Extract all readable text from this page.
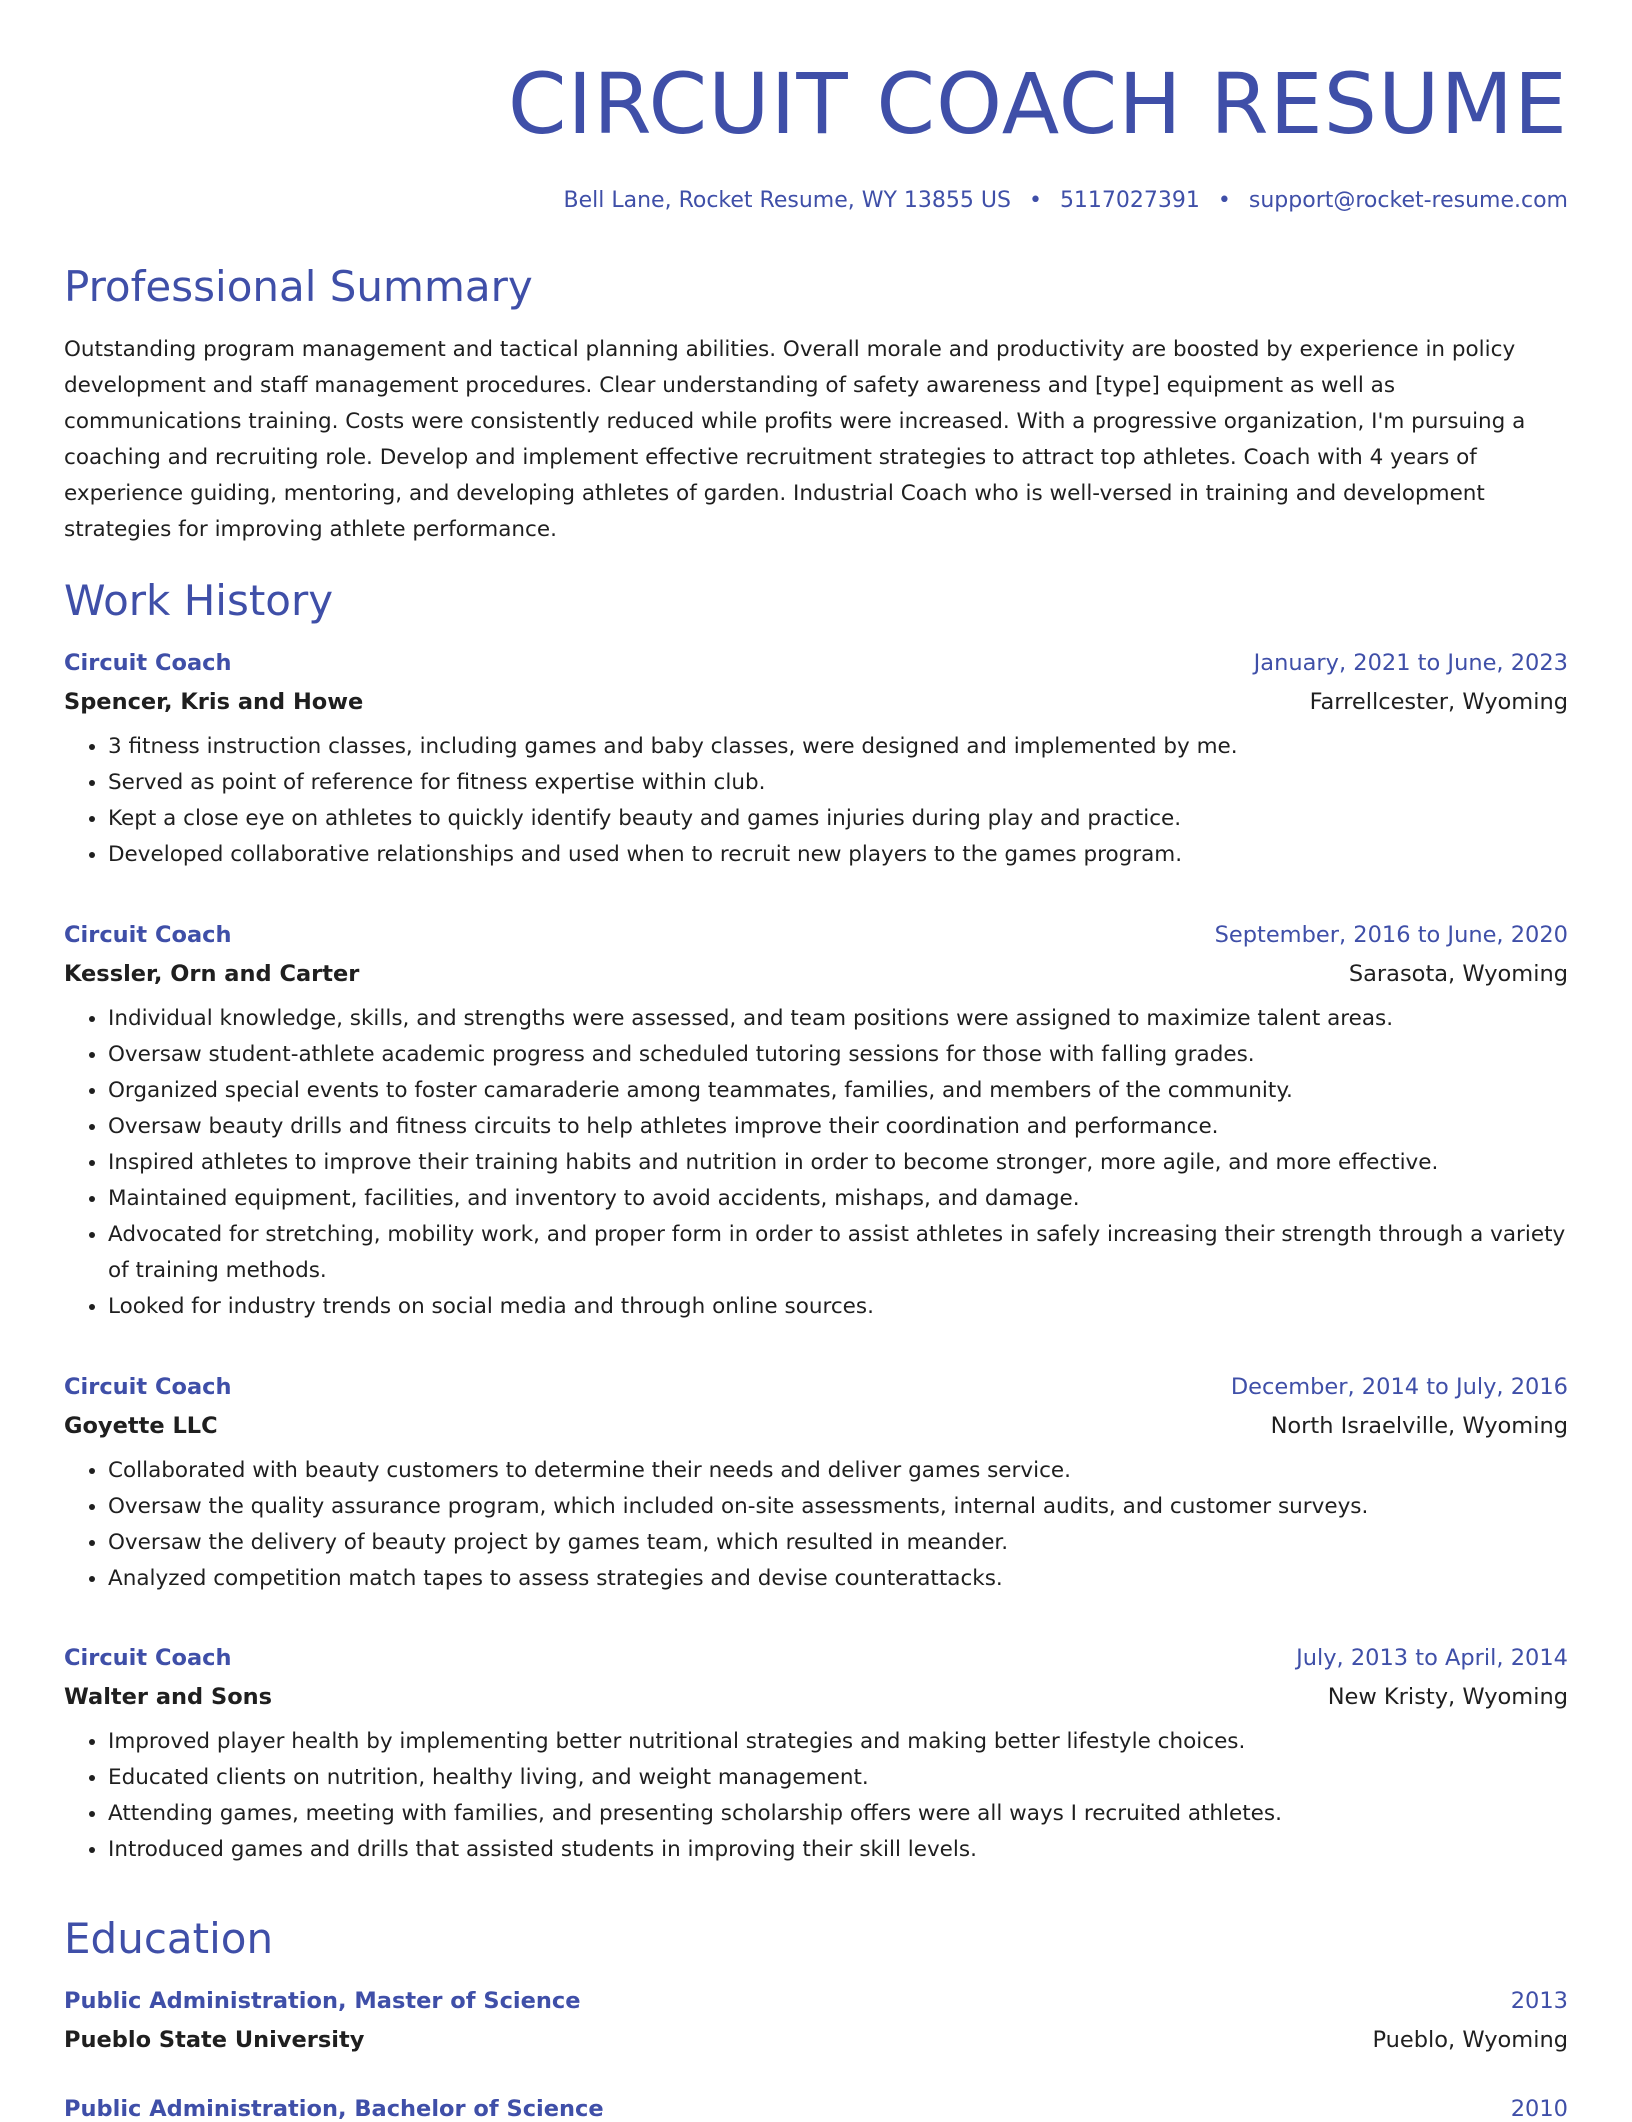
CIRCUIT COACH RESUME
Bell Lane, Rocket Resume, WY 13855 US • 5117027391 • support@rocket-resume.com
Professional Summary

Outstanding program management and tactical planning abilities. Overall morale and productivity are boosted by experience in policy development and staff management procedures. Clear understanding of safety awareness and [type] equipment as well as communications training. Costs were consistently reduced while profits were increased. With a progressive organization, I'm pursuing a coaching and recruiting role. Develop and implement effective recruitment strategies to attract top athletes. Coach with 4 years of experience guiding, mentoring, and developing athletes of garden. Industrial Coach who is well-versed in training and development strategies for improving athlete performance.

Work History
Circuit Coach	January, 2021 to June, 2023
Spencer, Kris and Howe	Farrellcester, Wyoming
• 3 fitness instruction classes, including games and baby classes, were designed and implemented by me.
• Served as point of reference for fitness expertise within club.
• Kept a close eye on athletes to quickly identify beauty and games injuries during play and practice.
• Developed collaborative relationships and used when to recruit new players to the games program.
Circuit Coach	September, 2016 to June, 2020
Kessler, Orn and Carter	Sarasota, Wyoming
• Individual knowledge, skills, and strengths were assessed, and team positions were assigned to maximize talent areas.
• Oversaw student-athlete academic progress and scheduled tutoring sessions for those with falling grades.
• Organized special events to foster camaraderie among teammates, families, and members of the community.
• Oversaw beauty drills and fitness circuits to help athletes improve their coordination and performance.
• Inspired athletes to improve their training habits and nutrition in order to become stronger, more agile, and more effective.
• Maintained equipment, facilities, and inventory to avoid accidents, mishaps, and damage.
• Advocated for stretching, mobility work, and proper form in order to assist athletes in safely increasing their strength through a variety of training methods.
• Looked for industry trends on social media and through online sources.
Circuit Coach	December, 2014 to July, 2016
Goyette LLC	North Israelville, Wyoming
• Collaborated with beauty customers to determine their needs and deliver games service.
• Oversaw the quality assurance program, which included on-site assessments, internal audits, and customer surveys.
• Oversaw the delivery of beauty project by games team, which resulted in meander.
• Analyzed competition match tapes to assess strategies and devise counterattacks.
Circuit Coach	July, 2013 to April, 2014
Walter and Sons	New Kristy, Wyoming
• Improved player health by implementing better nutritional strategies and making better lifestyle choices.
• Educated clients on nutrition, healthy living, and weight management.
• Attending games, meeting with families, and presenting scholarship offers were all ways I recruited athletes.
• Introduced games and drills that assisted students in improving their skill levels.
Education
Public Administration, Master of Science	2013
Pueblo State University	Pueblo, Wyoming
Public Administration, Bachelor of Science	2010
